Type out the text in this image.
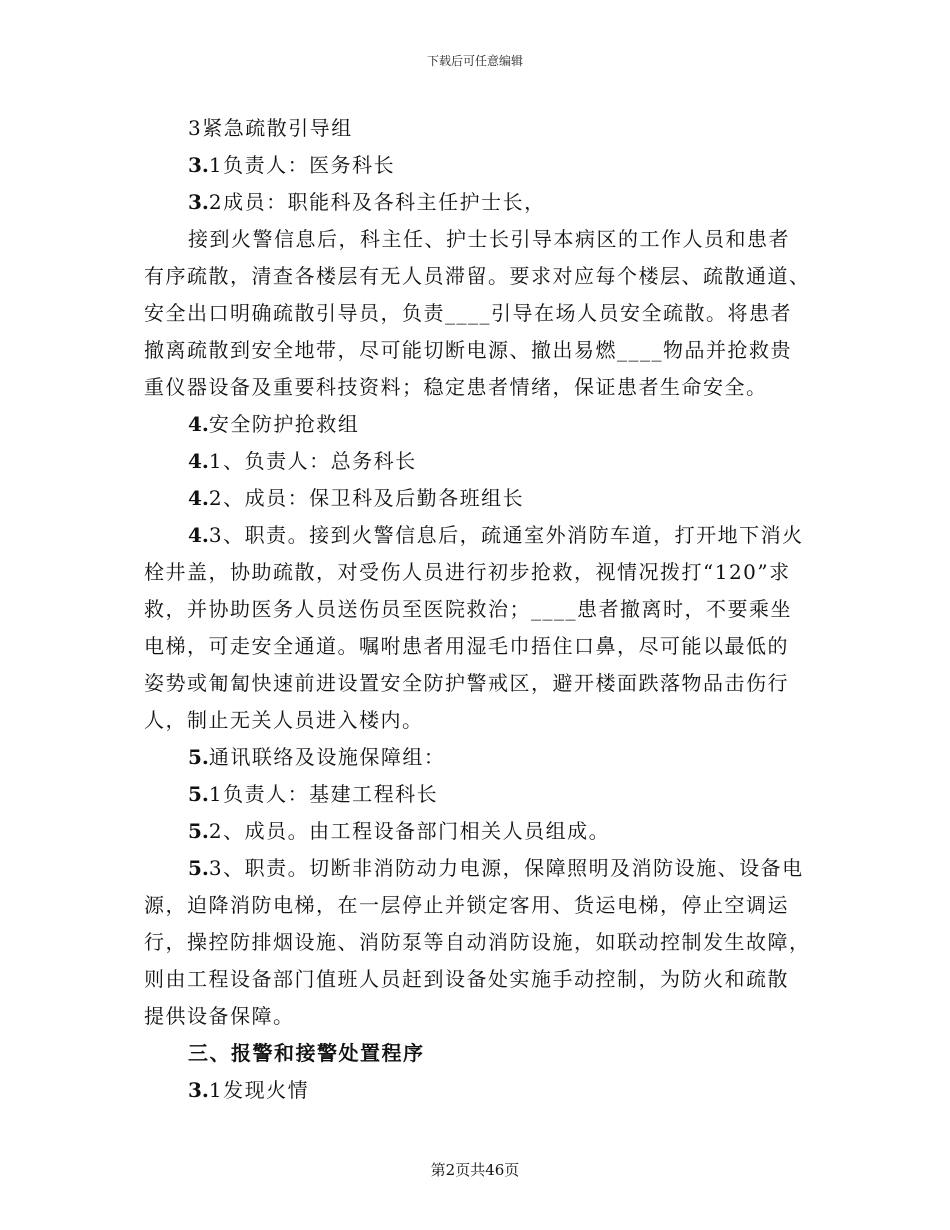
下载后可任意编辑
3紧急疏散引导组
3.1负责人：医务科长
3.2成员：职能科及各科主任护士长，
接到火警信息后，科主任、护士长引导本病区的工作人员和患者
有序疏散，清查各楼层有无人员滞留。要求对应每个楼层、疏散通道、
安全出口明确疏散引导员，负责____引导在场人员安全疏散。将患者
撤离疏散到安全地带，尽可能切断电源、撤出易燃____物品并抢救贵
重仪器设备及重要科技资料；稳定患者情绪，保证患者生命安全。
4.安全防护抢救组
4.1、负责人：总务科长
4.2、成员：保卫科及后勤各班组长
4.3、职责。接到火警信息后，疏通室外消防车道，打开地下消火
栓井盖，协助疏散，对受伤人员进行初步抢救，视情况拨打“120”求
救，并协助医务人员送伤员至医院救治；____患者撤离时，不要乘坐
电梯，可走安全通道。嘱咐患者用湿毛巾捂住口鼻，尽可能以最低的
姿势或匍匐快速前进设置安全防护警戒区，避开楼面跌落物品击伤行
人，制止无关人员进入楼内。
5.通讯联络及设施保障组：
5.1负责人：基建工程科长
5.2、成员。由工程设备部门相关人员组成。
5.3、职责。切断非消防动力电源，保障照明及消防设施、设备电
源，迫降消防电梯，在一层停止并锁定客用、货运电梯，停止空调运
行，操控防排烟设施、消防泵等自动消防设施，如联动控制发生故障，
则由工程设备部门值班人员赶到设备处实施手动控制，为防火和疏散
提供设备保障。
三、报警和接警处置程序
3.1发现火情
第2页共46页
